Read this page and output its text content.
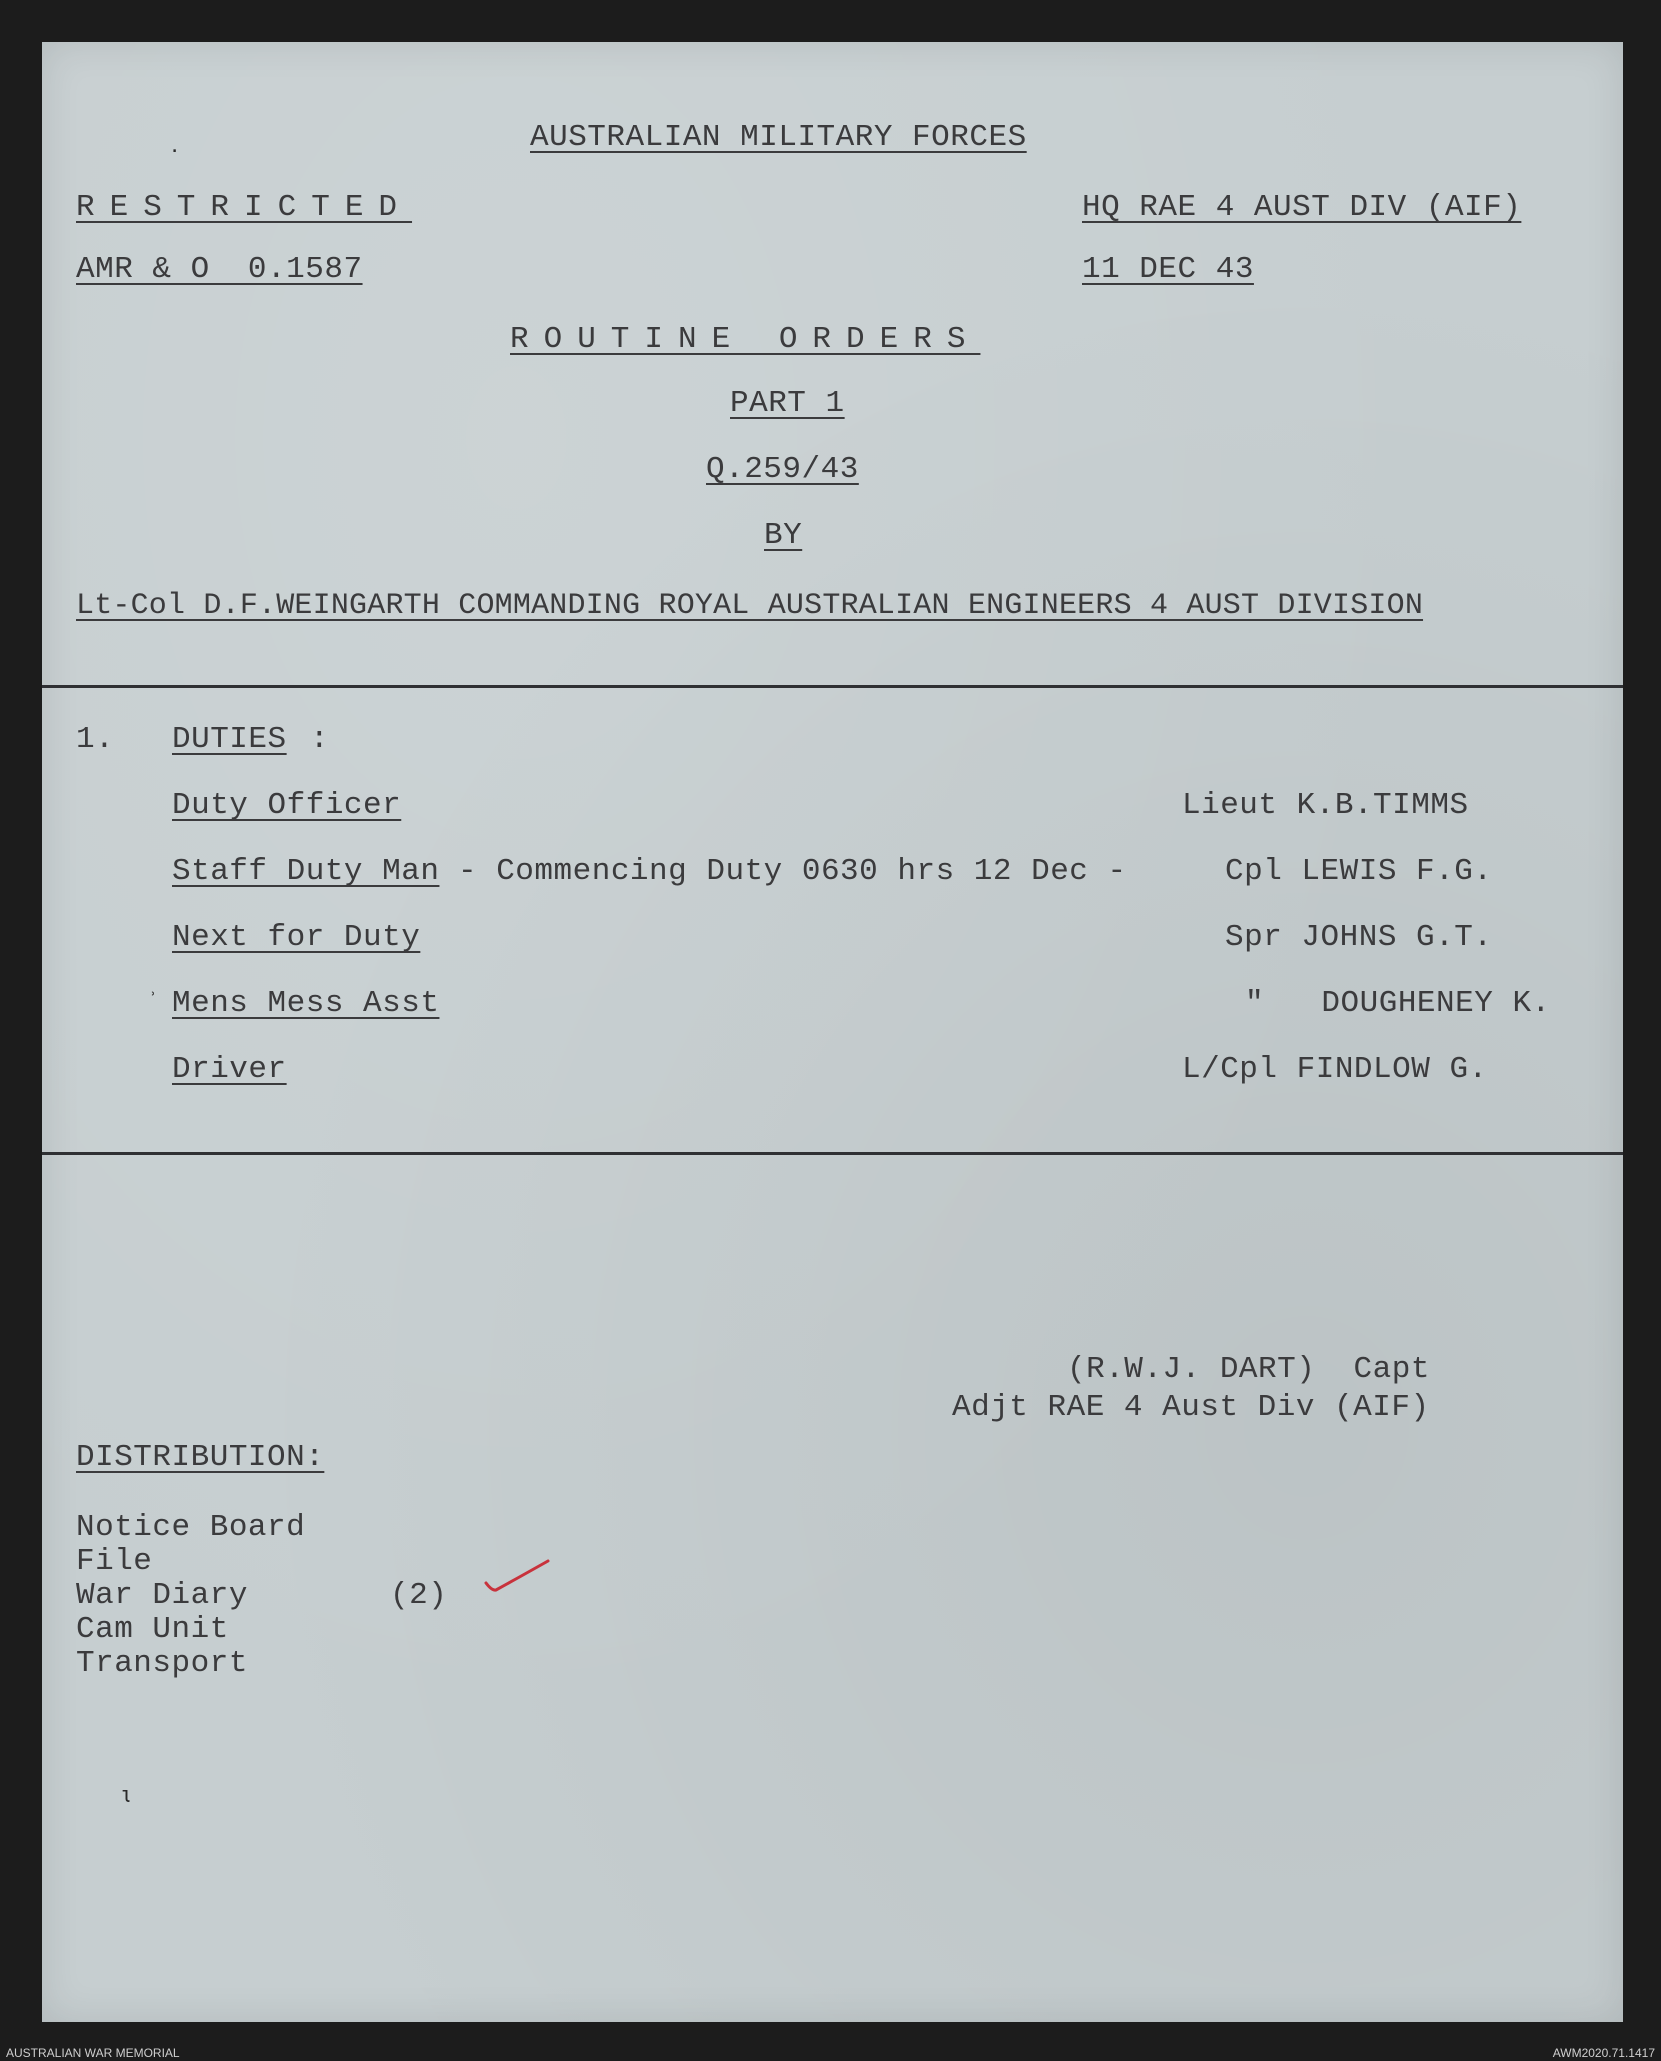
AUSTRALIAN MILITARY FORCES
RESTRICTED	HQ RAE 4 AUST DIV (AIF)
AMR & O  0.1587	11 DEC 43
ROUTINE ORDERS
PART 1
Q.259/43
BY
Lt-Col D.F.WEINGARTH COMMANDING ROYAL AUSTRALIAN ENGINEERS 4 AUST DIVISION
1. DUTIES :
Duty Officer	Lieut K.B.TIMMS
Staff Duty Man - Commencing Duty 0630 hrs 12 Dec -	Cpl LEWIS F.G.
Next for Duty	Spr JOHNS G.T.
ʾ Mens Mess Asst	"   DOUGHENEY K.
Driver	L/Cpl FINDLOW G.
(R.W.J. DART)  Capt
Adjt RAE 4 Aust Div (AIF)
DISTRIBUTION:
Notice Board
File
War Diary	(2)
Cam Unit
Transport
ɩ
٠
AUSTRALIAN WAR MEMORIAL	AWM2020.71.1417
